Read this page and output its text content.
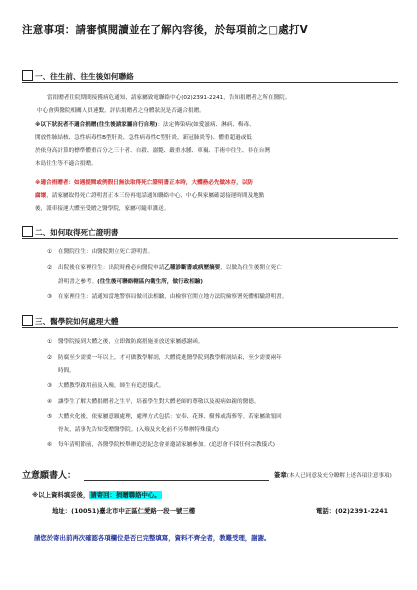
注意事項：請審慎閱讀並在了解內容後，於每項前之□處打V
一、往生前、往生後如何聯絡
當捐贈者住院期間接獲病危通知，請家屬致電聯絡中心(02)2391-2241，告知捐贈者之所在醫院。
中心會與醫院相關人員連繫，評估捐贈者之身體狀況是否適合捐贈。
※以下狀況者不適合捐贈(往生後請家屬自行自理)：法定傳染病(如愛滋病、淋病、梅毒、
開放性肺結核、急性病毒性B型肝炎、急性病毒性C型肝炎、新冠肺炎等)、體重超過或低
於依身高計算的標準體重百分之三十者、自殺、溺斃、嚴重水腫、車禍、手術中往生、非在台灣
本島往生等不適合捐贈。
※適合捐贈者：如遇提閱或例假日無法取得死亡證明書正本時，大體務必先做冰存，以防
腐壞，請家屬取得死亡證明書正本三份再電話通知聯絡中心，中心與家屬確認接運時間及地點
後，派車接運大體至受贈之醫學院，家屬可隨車護送。
二、如何取得死亡證明書
① 在醫院往生：由醫院開立死亡證明書。
② 出院後在家裡往生：出院時務必向醫院申請乙種診斷書或病歷摘要，以做為往生後開立死亡
證明書之參考。(往生後可聯絡轄區內衛生所，做行政相驗)
③ 在家裡往生：請通知當地警察局做司法相驗，由檢察官開立地方法院檢察署死體相驗證明書。
三、醫學院如何處理大體
① 醫學院接到大體之後，立即做防腐措施並放送家屬感謝函。
② 防腐至少需要一年以上，才可做教學解剖，大體從進醫學院到教學解剖結束，至少需要兩年
時間。
③ 大體教學啟用前及入殮，師生有追思儀式。
④ 讓學生了解大體捐贈者之生平，培養學生對大體老師的尊敬以及視病如親的醫德。
⑤ 大體火化後，依家屬意願處理，處理方式包括：安奉、花葬、樹葬或海葬等。若家屬欲領回
骨灰，請事先告知受贈醫學院。(入殮及火化前不另舉辦特殊儀式)
⑥ 每年清明節前，各醫學院校舉辦追思紀念會並邀請家屬參加。(追思會不採任何宗教儀式)
立意願書人：	簽章(本人已同意及充分瞭解上述各項注意事項)
※以上資料填妥後，請寄回：捐贈聯絡中心。
地址：(10051)臺北市中正區仁愛路一段一號三樓	電話：(02)2391-2241
請您於寄出前再次確認各項欄位是否已完整填寫，資料不齊全者，教難受理，謝謝。
